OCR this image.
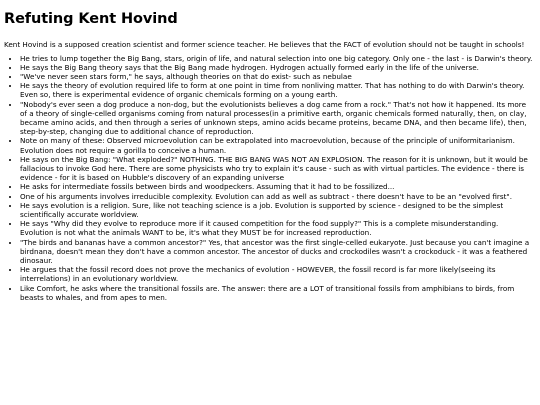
Refuting Kent Hovind

Kent Hovind is a supposed creation scientist and former science teacher. He believes that the FACT of evolution should not be taught in schools!

• He tries to lump together the Big Bang, stars, origin of life, and natural selection into one big category. Only one - the last - is Darwin's theory.
• He says the Big Bang theory says that the Big Bang made hydrogen. Hydrogen actually formed early in the life of the universe.
• "We've never seen stars form," he says, although theories on that do exist- such as nebulae
• He says the theory of evolution required life to form at one point in time from nonliving matter. That has nothing to do with Darwin's theory. Even so, there is experimental evidence of organic chemicals forming on a young earth.
• "Nobody's ever seen a dog produce a non-dog, but the evolutionists believes a dog came from a rock." That's not how it happened. Its more of a theory of single-celled organisms coming from natural processes(in a primitive earth, organic chemicals formed naturally, then, on clay, became amino acids, and then through a series of unknown steps, amino acids became proteins, became DNA, and then became life), then, step-by-step, changing due to additional chance of reproduction.
• Note on many of these: Observed microevolution can be extrapolated into macroevolution, because of the principle of uniformitarianism. Evolution does not require a gorilla to conceive a human.
• He says on the Big Bang: "What exploded?" NOTHING. THE BIG BANG WAS NOT AN EXPLOSION. The reason for it is unknown, but it would be fallacious to invoke God here. There are some physicists who try to explain it's cause - such as with virtual particles. The evidence - there is evidence - for it is based on Hubble's discovery of an expanding universe
• He asks for intermediate fossils between birds and woodpeckers. Assuming that it had to be fossilized...
• One of his arguments involves irreducible complexity. Evolution can add as well as subtract - there doesn't have to be an "evolved first".
• He says evolution is a religion. Sure, like not teaching science is a job. Evolution is supported by science - designed to be the simplest scientifically accurate worldview.
• He says "Why did they evolve to reproduce more if it caused competition for the food supply?" This is a complete misunderstanding. Evolution is not what the animals WANT to be, it's what they MUST be for increased reproduction.
• "The birds and bananas have a common ancestor?" Yes, that ancestor was the first single-celled eukaryote. Just because you can't imagine a birdnana, doesn't mean they don't have a common ancestor. The ancestor of ducks and crockodiles wasn't a crockoduck - it was a feathered dinosaur.
• He argues that the fossil record does not prove the mechanics of evolution - HOWEVER, the fossil record is far more likely(seeing its interrelations) in an evolutionary worldview.
• Like Comfort, he asks where the transitional fossils are. The answer: there are a LOT of transitional fossils from amphibians to birds, from beasts to whales, and from apes to men.
